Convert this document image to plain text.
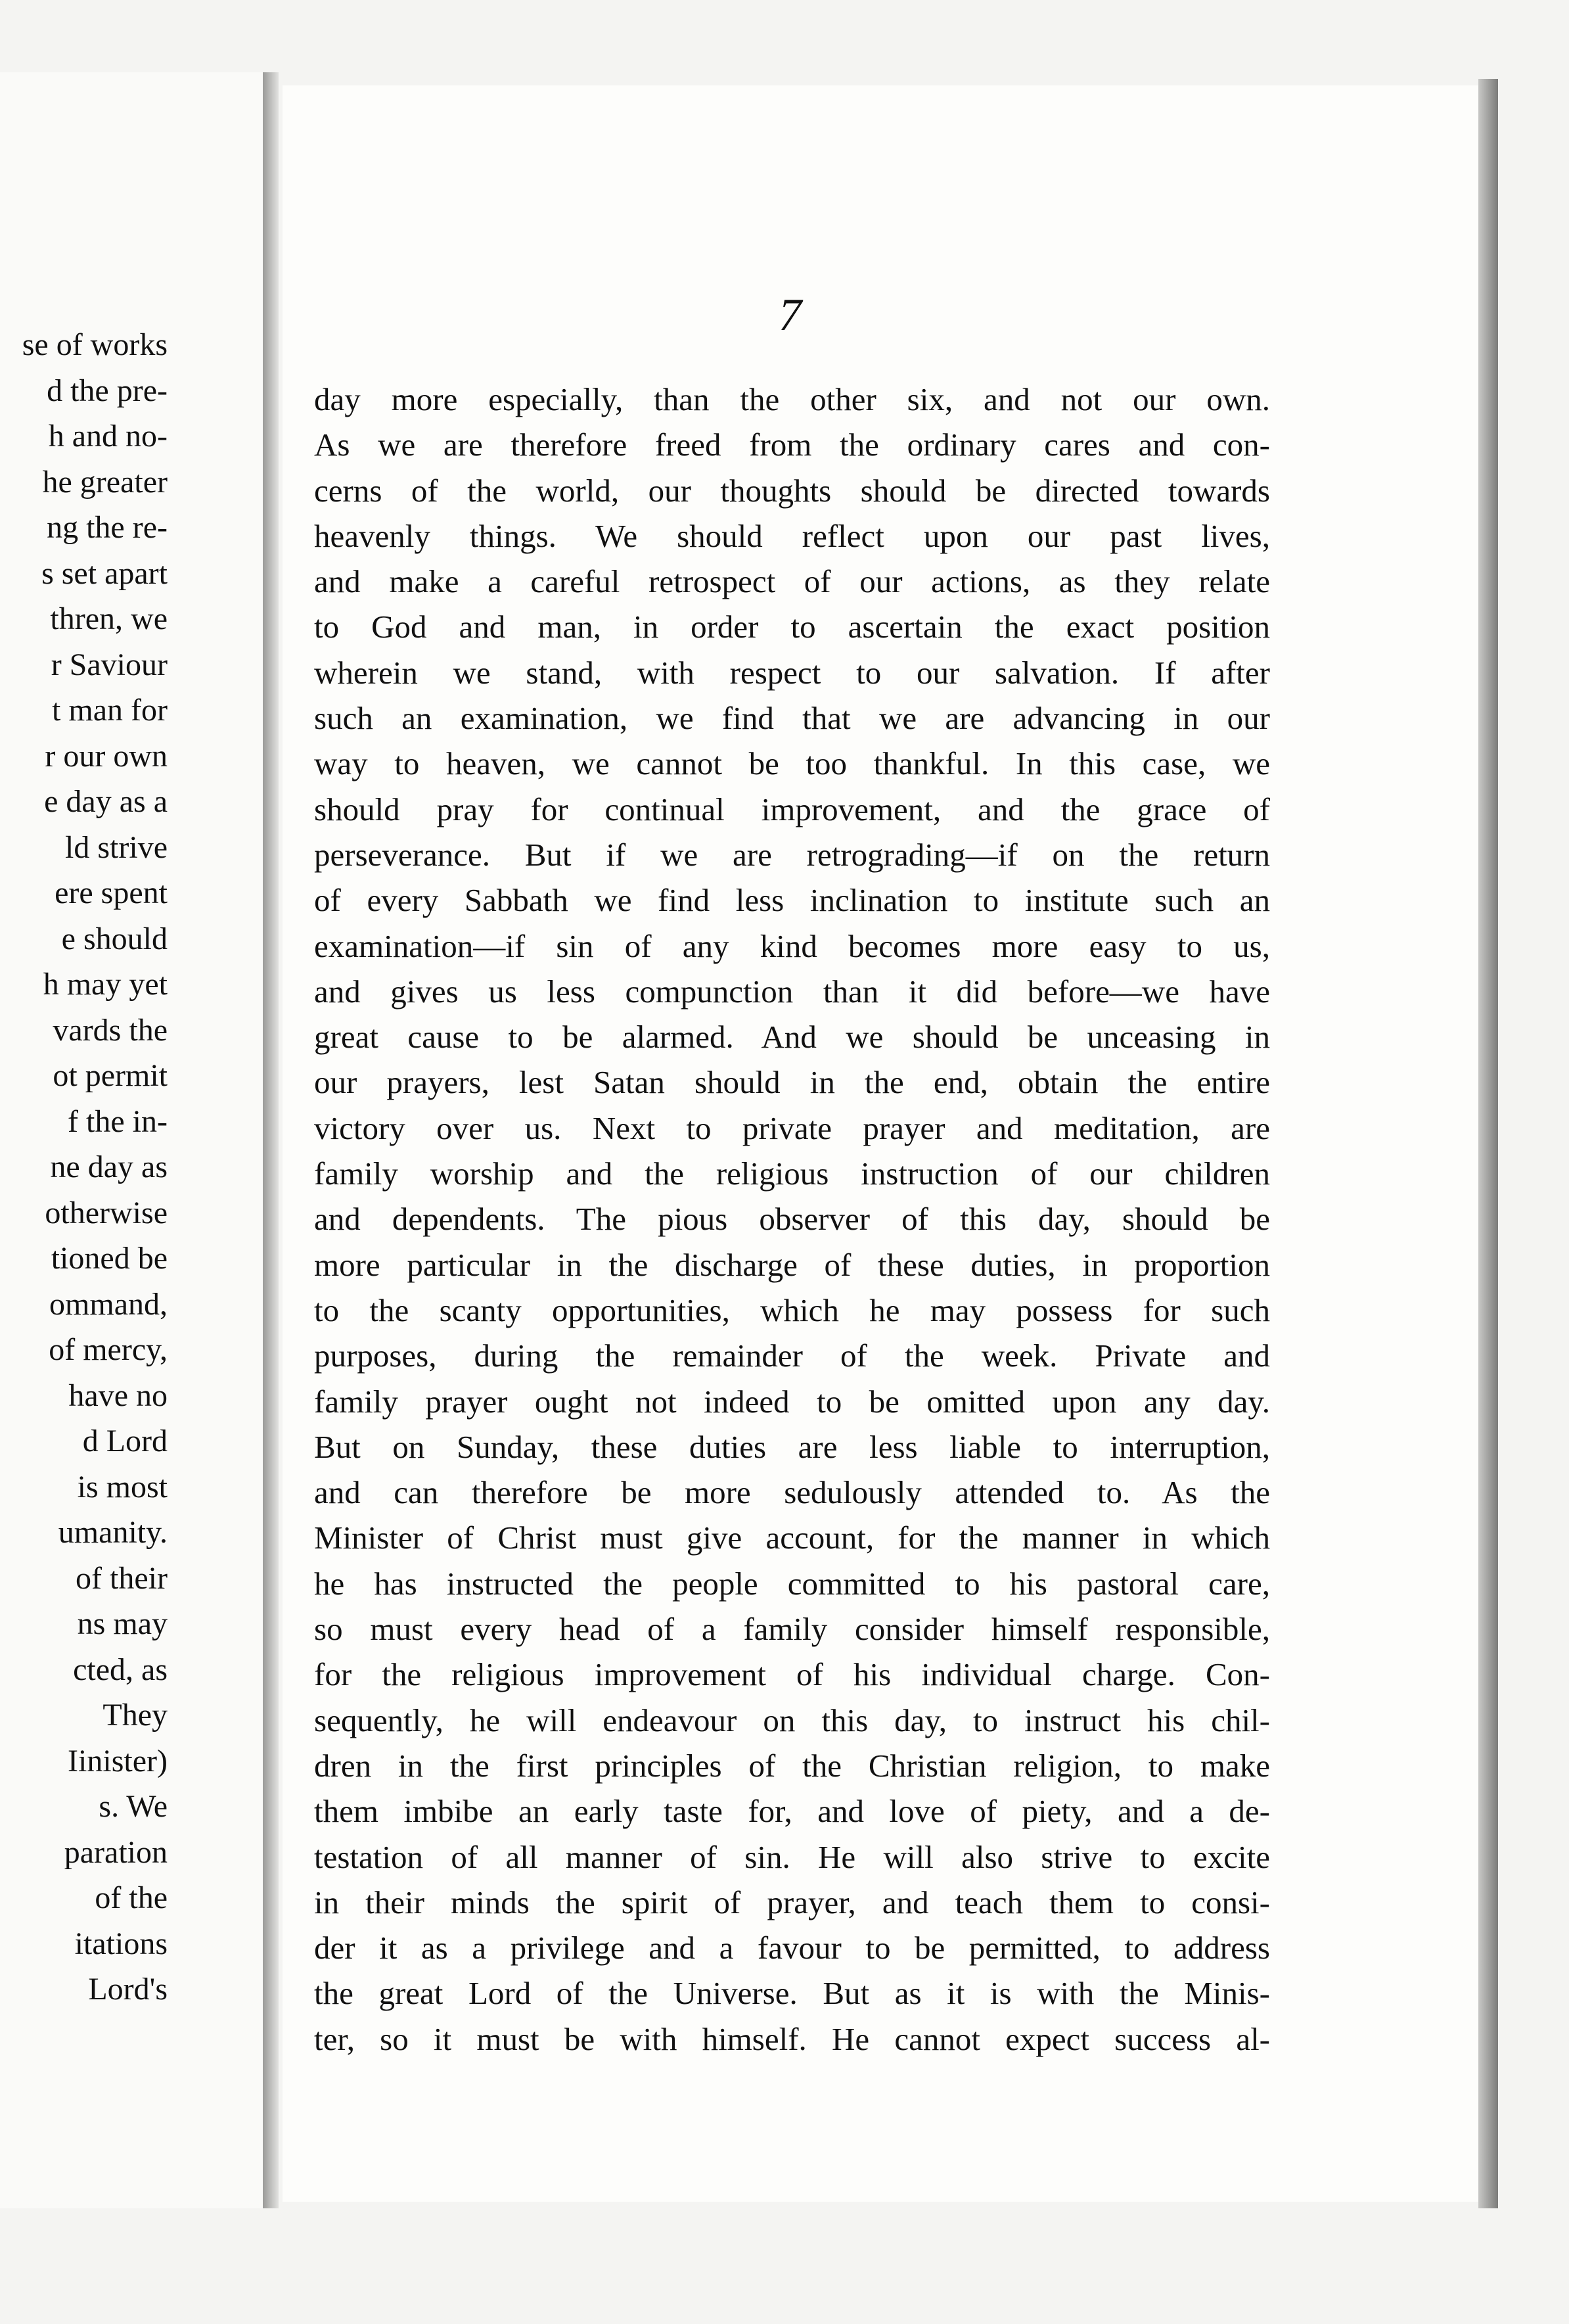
se of works
d the pre-
h and no-
he greater
ng the re-
s set apart
thren, we
r Saviour
t man for
r our own
e day as a
ld strive
ere spent
e should
h may yet
vards the
ot permit
f the in-
ne day as
otherwise
tioned be
ommand,
of mercy,
have no
d Lord
is most
umanity.
of their
ns may
cted, as
They
Iinister)
s. We
paration
of the
itations
Lord's
7
day more especially, than the other six, and not our own.
As we are therefore freed from the ordinary cares and con-
cerns of the world, our thoughts should be directed towards
heavenly things. We should reflect upon our past lives,
and make a careful retrospect of our actions, as they relate
to God and man, in order to ascertain the exact position
wherein we stand, with respect to our salvation. If after
such an examination, we find that we are advancing in our
way to heaven, we cannot be too thankful. In this case, we
should pray for continual improvement, and the grace of
perseverance. But if we are retrograding—if on the return
of every Sabbath we find less inclination to institute such an
examination—if sin of any kind becomes more easy to us,
and gives us less compunction than it did before—we have
great cause to be alarmed. And we should be unceasing in
our prayers, lest Satan should in the end, obtain the entire
victory over us. Next to private prayer and meditation, are
family worship and the religious instruction of our children
and dependents. The pious observer of this day, should be
more particular in the discharge of these duties, in proportion
to the scanty opportunities, which he may possess for such
purposes, during the remainder of the week. Private and
family prayer ought not indeed to be omitted upon any day.
But on Sunday, these duties are less liable to interruption,
and can therefore be more sedulously attended to. As the
Minister of Christ must give account, for the manner in which
he has instructed the people committed to his pastoral care,
so must every head of a family consider himself responsible,
for the religious improvement of his individual charge. Con-
sequently, he will endeavour on this day, to instruct his chil-
dren in the first principles of the Christian religion, to make
them imbibe an early taste for, and love of piety, and a de-
testation of all manner of sin. He will also strive to excite
in their minds the spirit of prayer, and teach them to consi-
der it as a privilege and a favour to be permitted, to address
the great Lord of the Universe. But as it is with the Minis-
ter, so it must be with himself. He cannot expect success al-
